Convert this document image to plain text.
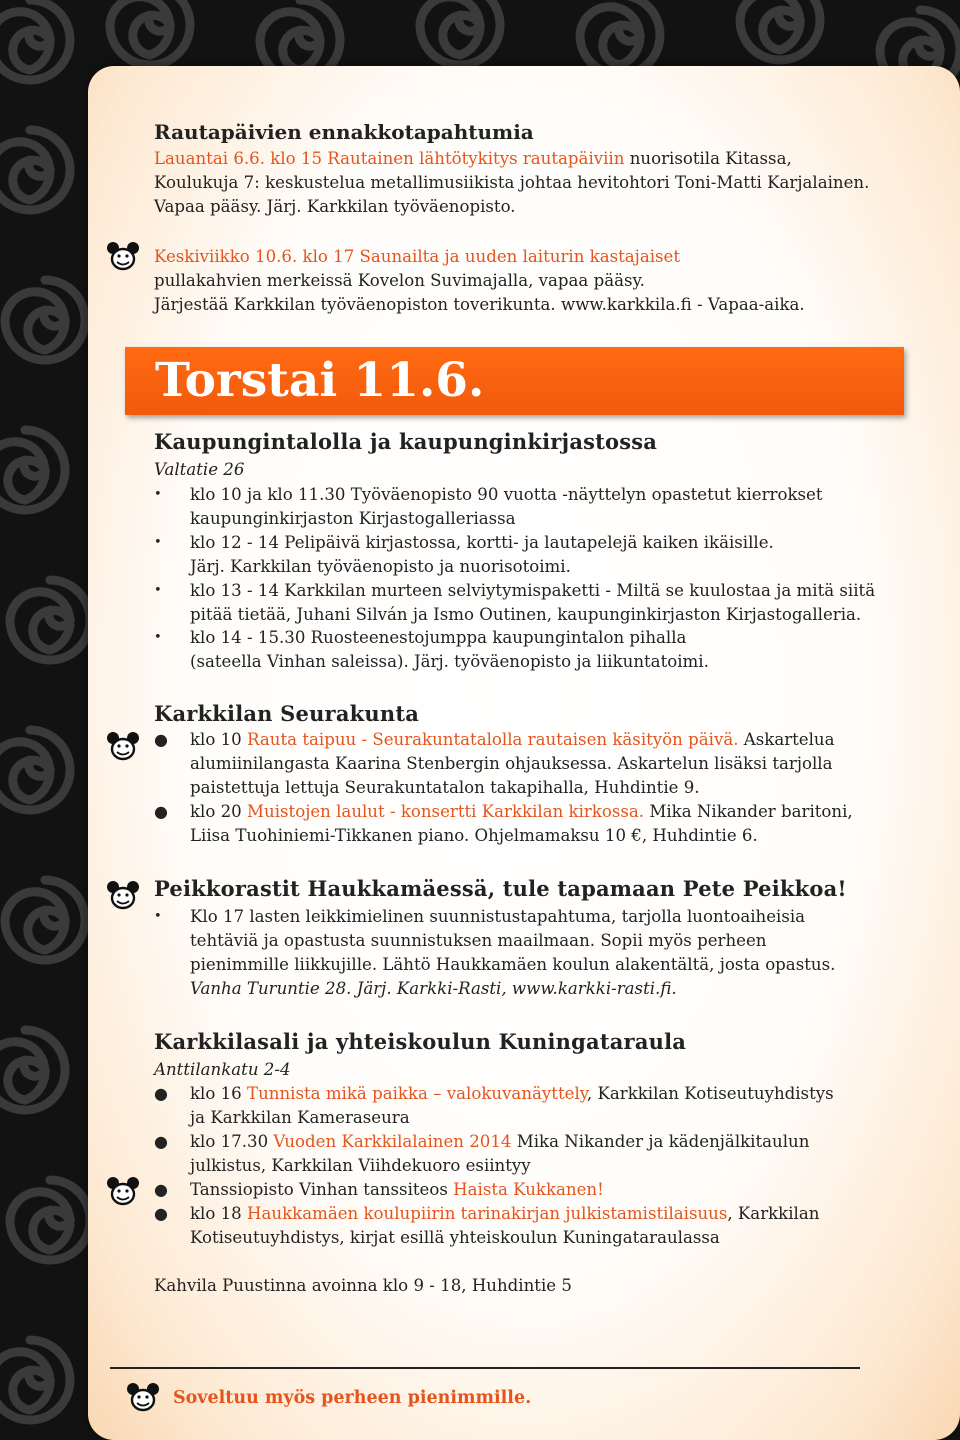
Rautapäivien ennakkotapahtumia
Lauantai 6.6. klo 15 Rautainen lähtötykitys rautapäiviin nuorisotila Kitassa,
Koulukuja 7: keskustelua metallimusiikista johtaa hevitohtori Toni-Matti Karjalainen.
Vapaa pääsy. Järj. Karkkilan työväenopisto.
Keskiviikko 10.6. klo 17 Saunailta ja uuden laiturin kastajaiset
pullakahvien merkeissä Kovelon Suvimajalla, vapaa pääsy.
Järjestää Karkkilan työväenopiston toverikunta. www.karkkila.fi - Vapaa-aika.
Torstai 11.6.
Kaupungintalolla ja kaupunginkirjastossa
Valtatie 26
•	klo 10 ja klo 11.30 Työväenopisto 90 vuotta -näyttelyn opastetut kierrokset
kaupunginkirjaston Kirjastogalleriassa
•	klo 12 - 14 Pelipäivä kirjastossa, kortti- ja lautapelejä kaiken ikäisille.
Järj. Karkkilan työväenopisto ja nuorisotoimi.
•	klo 13 - 14 Karkkilan murteen selviytymispaketti - Miltä se kuulostaa ja mitä siitä
pitää tietää, Juhani Silván ja Ismo Outinen, kaupunginkirjaston Kirjastogalleria.
•	klo 14 - 15.30 Ruosteenestojumppa kaupungintalon pihalla
(sateella Vinhan saleissa). Järj. työväenopisto ja liikuntatoimi.
Karkkilan Seurakunta
● klo 10 Rauta taipuu - Seurakuntatalolla rautaisen käsityön päivä. Askartelua
alumiinilangasta Kaarina Stenbergin ohjauksessa. Askartelun lisäksi tarjolla
paistettuja lettuja Seurakuntatalon takapihalla, Huhdintie 9.
● klo 20 Muistojen laulut - konsertti Karkkilan kirkossa. Mika Nikander baritoni,
Liisa Tuohiniemi-Tikkanen piano. Ohjelmamaksu 10 €, Huhdintie 6.
Peikkorastit Haukkamäessä, tule tapamaan Pete Peikkoa!
•	Klo 17 lasten leikkimielinen suunnistustapahtuma, tarjolla luontoaiheisia
tehtäviä ja opastusta suunnistuksen maailmaan. Sopii myös perheen
pienimmille liikkujille. Lähtö Haukkamäen koulun alakentältä, josta opastus.
Vanha Turuntie 28. Järj. Karkki-Rasti, www.karkki-rasti.fi.
Karkkilasali ja yhteiskoulun Kuningataraula
Anttilankatu 2-4
● klo 16 Tunnista mikä paikka – valokuvanäyttely, Karkkilan Kotiseutuyhdistys
ja Karkkilan Kameraseura
● klo 17.30 Vuoden Karkkilalainen 2014 Mika Nikander ja kädenjälkitaulun
julkistus, Karkkilan Viihdekuoro esiintyy
● Tanssiopisto Vinhan tanssiteos Haista Kukkanen!
● klo 18 Haukkamäen koulupiirin tarinakirjan julkistamistilaisuus, Karkkilan
Kotiseutuyhdistys, kirjat esillä yhteiskoulun Kuningataraulassa
Kahvila Puustinna avoinna klo 9 - 18, Huhdintie 5
Soveltuu myös perheen pienimmille.
